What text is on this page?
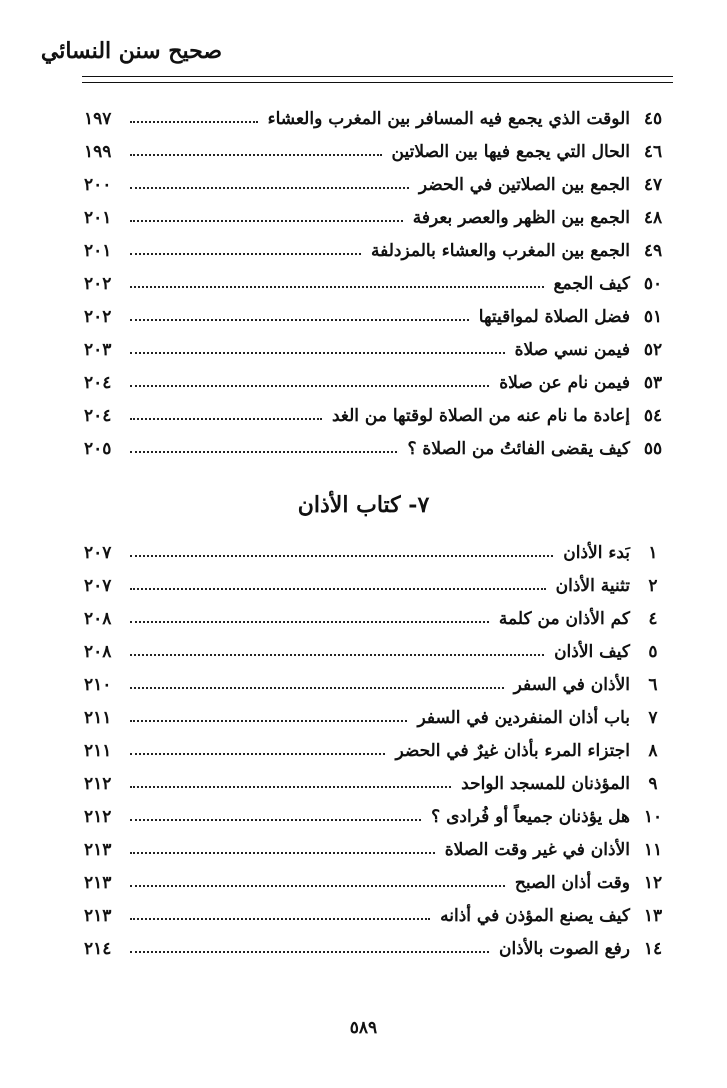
صحيح سنن النسائي
٤٥
الوقت الذي يجمع فيه المسافر بين المغرب والعشاء
١٩٧
٤٦
الحال التي يجمع فيها بين الصلاتين
١٩٩
٤٧
الجمع بين الصلاتين في الحضر
٢٠٠
٤٨
الجمع بين الظهر والعصر بعرفة
٢٠١
٤٩
الجمع بين المغرب والعشاء بالمزدلفة
٢٠١
٥٠
كيف الجمع
٢٠٢
٥١
فضل الصلاة لمواقيتها
٢٠٢
٥٢
فيمن نسي صلاة
٢٠٣
٥٣
فيمن نام عن صلاة
٢٠٤
٥٤
إعادة ما نام عنه من الصلاة لوقتها من الغد
٢٠٤
٥٥
كيف يقضى الفائتُ من الصلاة ؟
٢٠٥
٧- كتاب الأذان
١
بَدء الأذان
٢٠٧
٢
تثنية الأذان
٢٠٧
٤
كم الأذان من كلمة
٢٠٨
٥
كيف الأذان
٢٠٨
٦
الأذان في السفر
٢١٠
٧
باب أذان المنفردين في السفر
٢١١
٨
اجتزاء المرء بأذان غيرٌ في الحضر
٢١١
٩
المؤذنان للمسجد الواحد
٢١٢
١٠
هل يؤذنان جميعاً أو فُرادى ؟
٢١٢
١١
الأذان في غير وقت الصلاة
٢١٣
١٢
وقت أذان الصبح
٢١٣
١٣
كيف يصنع المؤذن في أذانه
٢١٣
١٤
رفع الصوت بالأذان
٢١٤
٥٨٩
